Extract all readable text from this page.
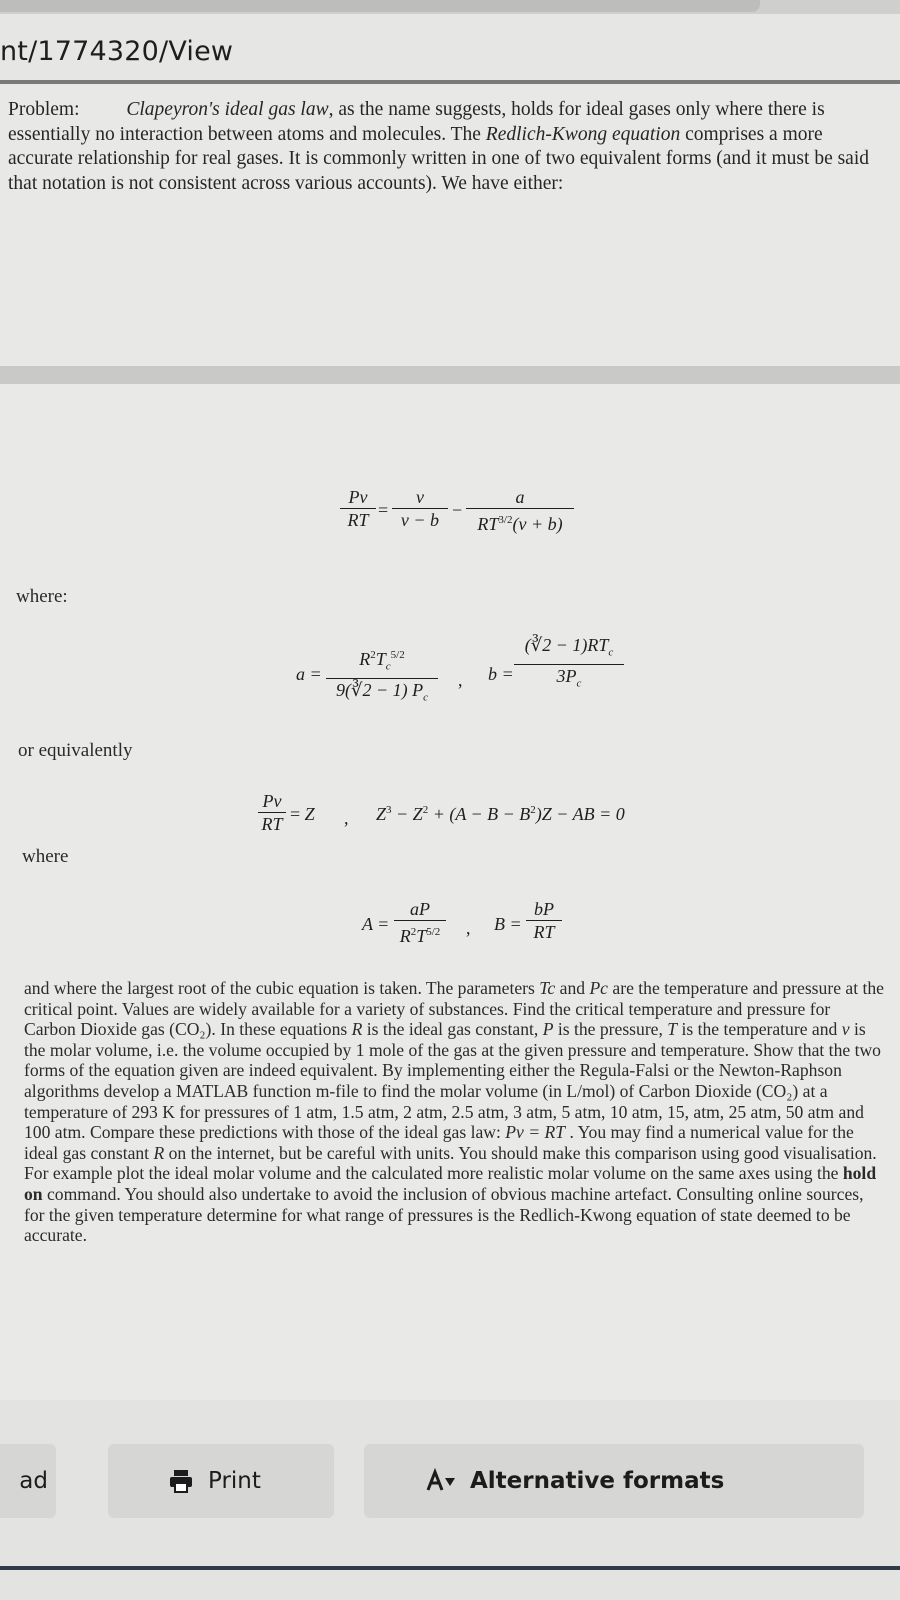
nt/1774320/View
Problem: Clapeyron's ideal gas law, as the name suggests, holds for ideal gases only where there is essentially no interaction between atoms and molecules. The Redlich-Kwong equation comprises a more accurate relationship for real gases. It is commonly written in one of two equivalent forms (and it must be said that notation is not consistent across various accounts). We have either:
Pv
RT
=
v
v − b
−
a
$RT^{3/2}(v + b)$
where:
a =
$R^2T_c^{5/2}$
9(∛2 − 1) $P_c$
, b =
(∛2 − $1)RT_c$
$3P_c$
or equivalently
Pv
RT
= Z , $Z^3 - Z^2 + (A - B - B^2)Z$ − AB = 0
where
A =
aP
$R^2T^{5/2}$	, B =
bP
RT
and where the largest root of the cubic equation is taken. The parameters Tc and Pc are the temperature and pressure at the critical point. Values are widely available for a variety of substances. Find the critical temperature and pressure for Carbon Dioxide gas (CO₂). In these equations R is the ideal gas constant, P is the pressure, T is the temperature and v is the molar volume, i.e. the volume occupied by 1 mole of the gas at the given pressure and temperature. Show that the two forms of the equation given are indeed equivalent. By implementing either the Regula-Falsi or the Newton-Raphson algorithms develop a MATLAB function m-file to find the molar volume (in L/mol) of Carbon Dioxide (CO₂) at a temperature of 293 K for pressures of 1 atm, 1.5 atm, 2 atm, 2.5 atm, 3 atm, 5 atm, 10 atm, 15, atm, 25 atm, 50 atm and 100 atm. Compare these predictions with those of the ideal gas law: Pv = RT . You may find a numerical value for the ideal gas constant R on the internet, but be careful with units. You should make this comparison using good visualisation. For example plot the ideal molar volume and the calculated more realistic molar volume on the same axes using the hold on command. You should also undertake to avoid the inclusion of obvious machine artefact. Consulting online sources, for the given temperature determine for what range of pressures is the Redlich-Kwong equation of state deemed to be accurate.
ad	Print	Alternative formats
